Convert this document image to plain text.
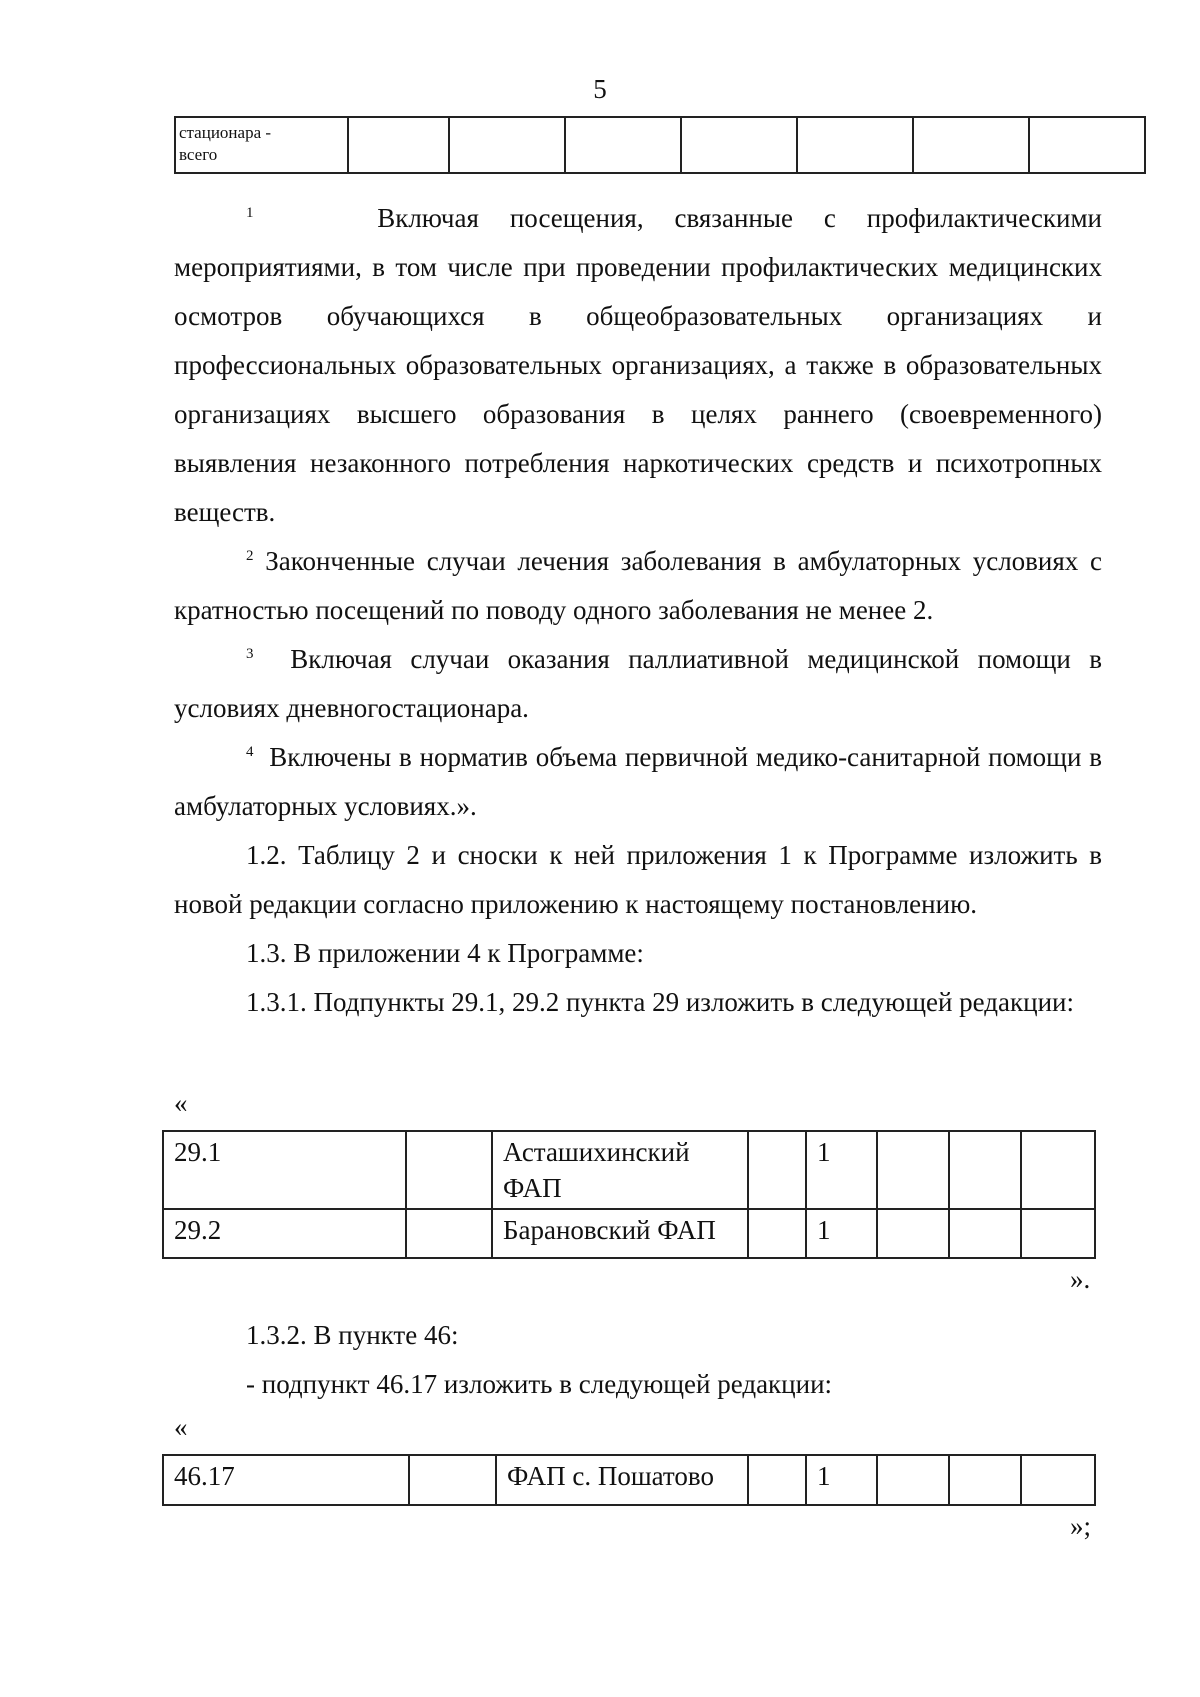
5
стационара -
всего							

$^1$	Включая посещения, связанные с профилактическими мероприятиями, в том числе при проведении профилактических медицинских осмотров обучающихся в общеобразовательных организациях и профессиональных образовательных организациях, а также в образовательных организациях высшего образования в целях раннего (своевременного) выявления незаконного потребления наркотических средств и психотропных веществ.

$^2$ Законченные случаи лечения заболевания в амбулаторных условиях с кратностью посещений по поводу одного заболевания не менее 2.

$^3$ Включая случаи оказания паллиативной медицинской помощи в условиях дневногостационара.

$^4$ Включены в норматив объема первичной медико-санитарной помощи в амбулаторных условиях.».

1.2. Таблицу 2 и сноски к ней приложения 1 к Программе изложить в новой редакции согласно приложению к настоящему постановлению.

1.3. В приложении 4 к Программе:

1.3.1. Подпункты 29.1, 29.2 пункта 29 изложить в следующей редакции:

«
29.1		Асташихинский ФАП		1			
29.2		Барановский ФАП		1			
».

1.3.2. В пункте 46:

- подпункт 46.17 изложить в следующей редакции:

«
46.17		ФАП с. Пошатово		1			
»;
